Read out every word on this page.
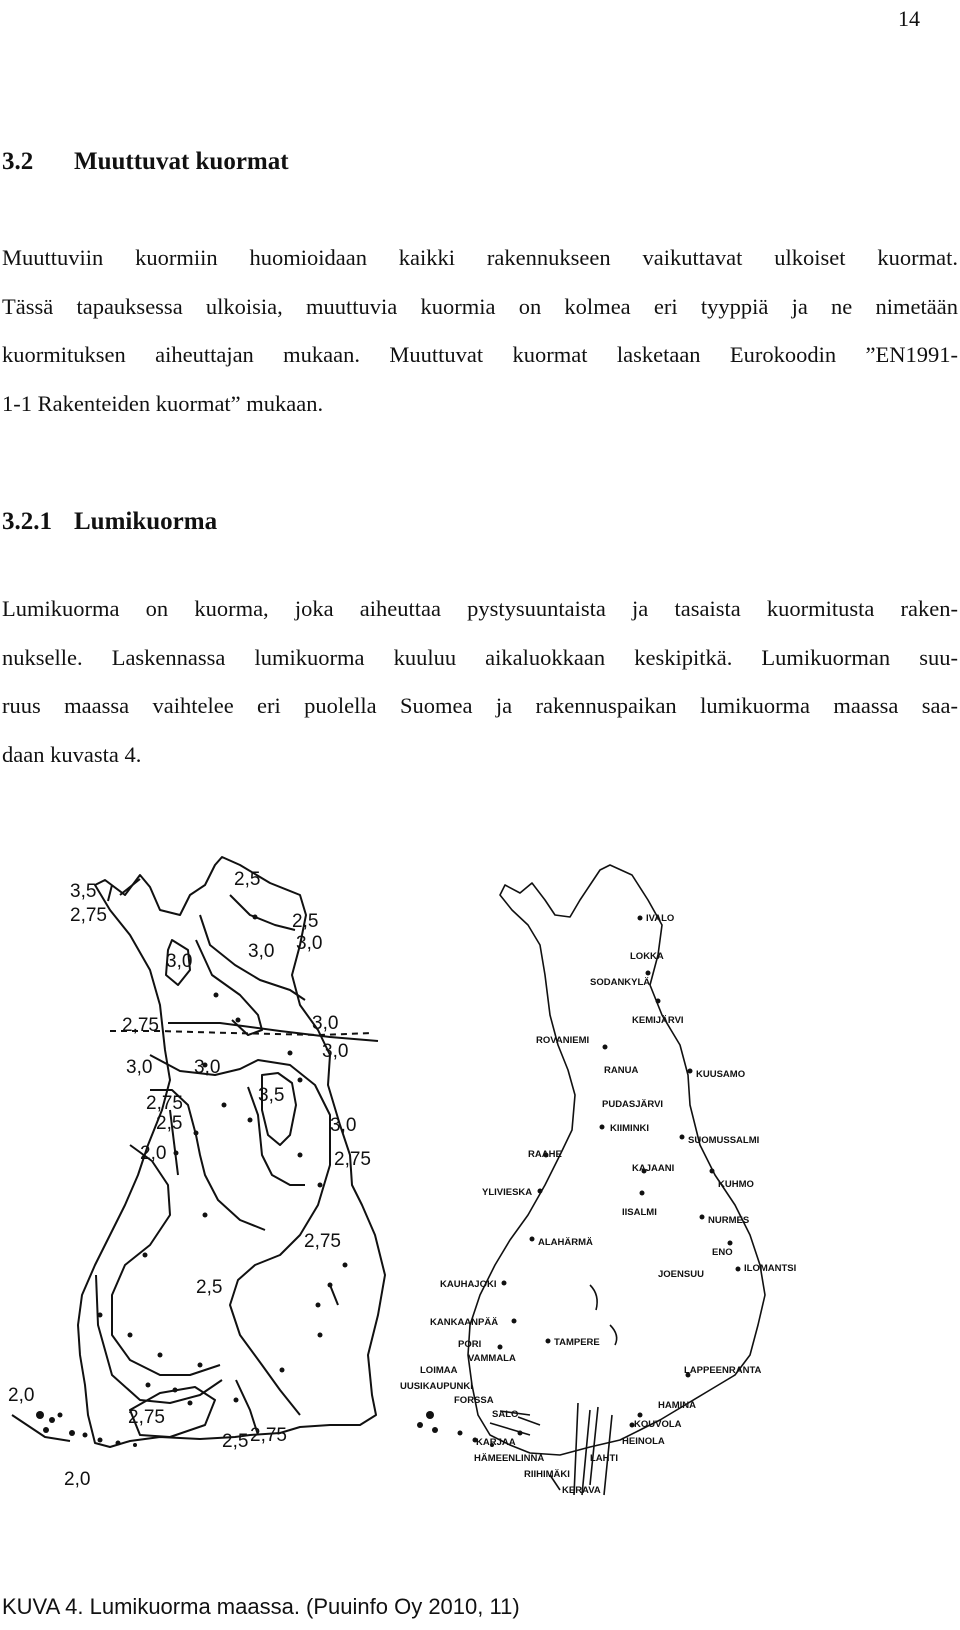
14
3.2 Muuttuvat kuormat

Muuttuviin kuormiin huomioidaan kaikki rakennukseen vaikuttavat ulkoiset kuormat.
Tässä tapauksessa ulkoisia, muuttuvia kuormia on kolmea eri tyyppiä ja ne nimetään
kuormituksen aiheuttajan mukaan. Muuttuvat kuormat lasketaan Eurokoodin ”EN1991-
1-1 Rakenteiden kuormat” mukaan.

3.2.1 Lumikuorma

Lumikuorma on kuorma, joka aiheuttaa pystysuuntaista ja tasaista kuormitusta raken-
nukselle. Laskennassa lumikuorma kuuluu aikaluokkaan keskipitkä. Lumikuorman suu-
ruus maassa vaihtelee eri puolella Suomea ja rakennuspaikan lumikuorma maassa saa-
daan kuvasta 4.

2,5
3,5
2,75
3,0
2,5
3,0
3,0
2,75	3,0
3,0
3,0 3,0
3,5
2,75
2,5	3,0
2,0	2,75
2,75
2,5
2,0
2,75
2,5 2,75
2,0
IVALO
LOKKA
SODANKYLÄ
KEMIJÄRVI
ROVANIEMI
RANUA	KUUSAMO
PUDASJÄRVI
KIIMINKI
SUOMUSSALMI
RAAHE
KAJAANI
YLIVIESKA
KUHMO
IISALMI
NURMES
ALAHÄRMÄ
ENO
JOENSUU
ILOMANTSI
KAUHAJOKI
KANKAANPÄÄ
PORI	TAMPERE
VAMMALA
LOIMAA	LAPPEENRANTA
UUSIKAUPUNKI
FORSSA	HAMINA
SALO
KOUVOLA
KARJAA	HEINOLA
HÄMEENLINNA	LAHTI
RIIHIMÄKI
KERAVA
KUVA 4. Lumikuorma maassa. (Puuinfo Oy 2010, 11)
